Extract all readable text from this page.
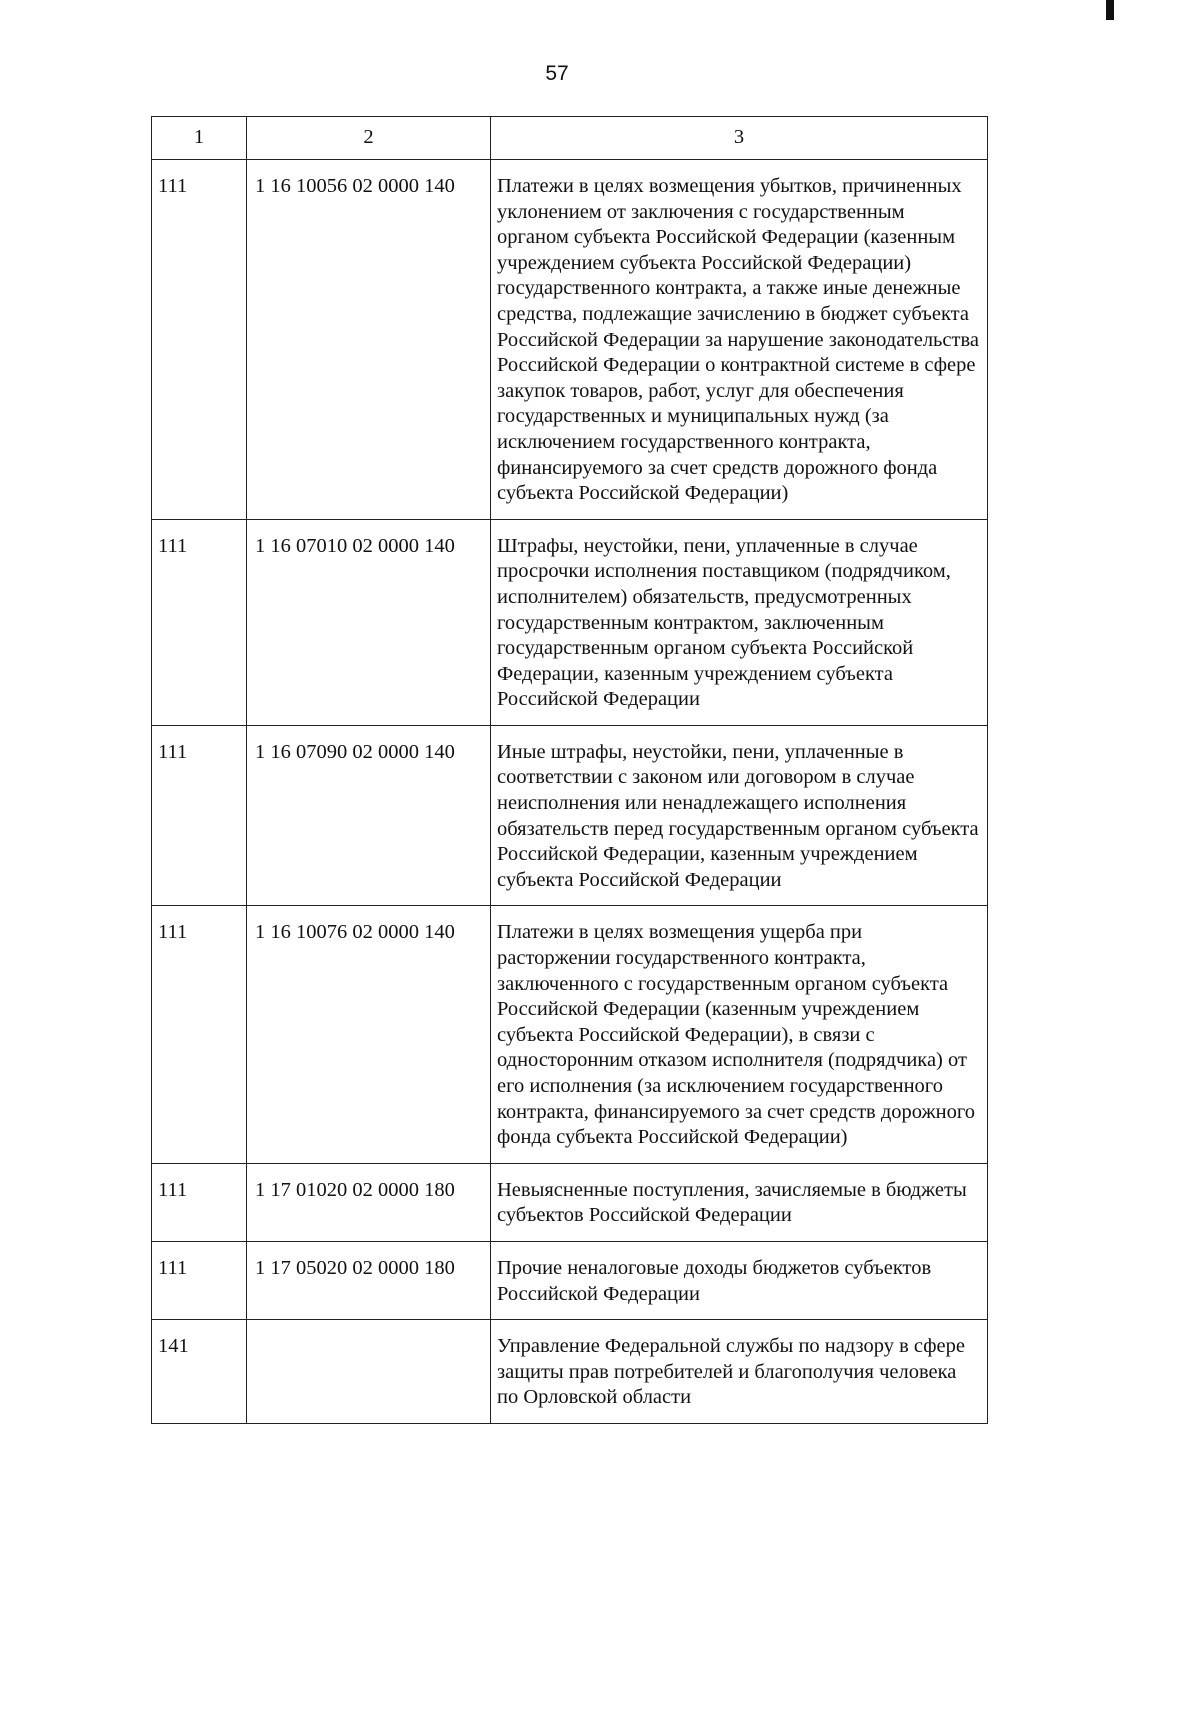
57
1	2	3
111	1 16 10056 02 0000 140	Платежи в целях возмещения убытков, причиненных уклонением от заключения с государственным органом субъекта Российской Федерации (казенным учреждением субъекта Российской Федерации) государственного контракта, а также иные денежные средства, подлежащие зачислению в бюджет субъекта Российской Федерации за нарушение законодательства Российской Федерации о контрактной системе в сфере закупок товаров, работ, услуг для обеспечения государственных и муниципальных нужд (за исключением государственного контракта, финансируемого за счет средств дорожного фонда субъекта Российской Федерации)
111	1 16 07010 02 0000 140	Штрафы, неустойки, пени, уплаченные в случае просрочки исполнения поставщиком (подрядчиком, исполнителем) обязательств, предусмотренных государственным контрактом, заключенным государственным органом субъекта Российской Федерации, казенным учреждением субъекта Российской Федерации
111	1 16 07090 02 0000 140	Иные штрафы, неустойки, пени, уплаченные в соответствии с законом или договором в случае неисполнения или ненадлежащего исполнения обязательств перед государственным органом субъекта Российской Федерации, казенным учреждением субъекта Российской Федерации
111	1 16 10076 02 0000 140	Платежи в целях возмещения ущерба при расторжении государственного контракта, заключенного с государственным органом субъекта Российской Федерации (казенным учреждением субъекта Российской Федерации), в связи с односторонним отказом исполнителя (подрядчика) от его исполнения (за исключением государственного контракта, финансируемого за счет средств дорожного фонда субъекта Российской Федерации)
111	1 17 01020 02 0000 180	Невыясненные поступления, зачисляемые в бюджеты субъектов Российской Федерации
111	1 17 05020 02 0000 180	Прочие неналоговые доходы бюджетов субъектов Российской Федерации
141		Управление Федеральной службы по надзору в сфере защиты прав потребителей и благополучия человека по Орловской области
